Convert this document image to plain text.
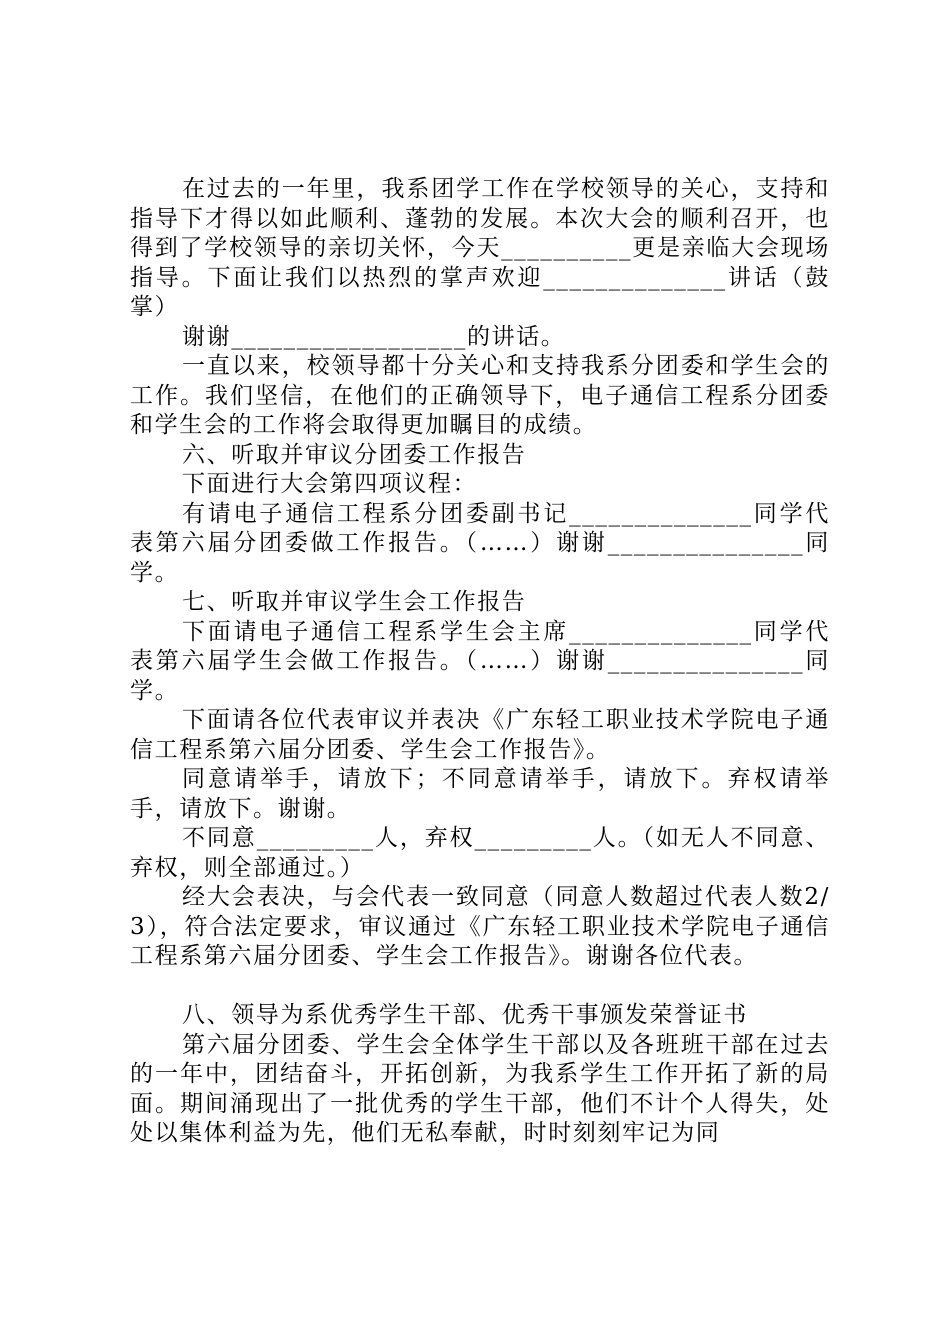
在过去的一年里，我系团学工作在学校领导的关心，支持和指导下才得以如此顺利、蓬勃的发展。本次大会的顺利召开，也得到了学校领导的亲切关怀，今天__________更是亲临大会现场指导。下面让我们以热烈的掌声欢迎______________讲话（鼓掌）

谢谢__________________的讲话。

一直以来，校领导都十分关心和支持我系分团委和学生会的工作。我们坚信，在他们的正确领导下，电子通信工程系分团委和学生会的工作将会取得更加瞩目的成绩。

六、听取并审议分团委工作报告

下面进行大会第四项议程：

有请电子通信工程系分团委副书记______________同学代表第六届分团委做工作报告。（……）谢谢_______________同学。

七、听取并审议学生会工作报告

下面请电子通信工程系学生会主席______________同学代表第六届学生会做工作报告。（……）谢谢_______________同学。

下面请各位代表审议并表决《广东轻工职业技术学院电子通信工程系第六届分团委、学生会工作报告》。

同意请举手，请放下；不同意请举手，请放下。弃权请举手，请放下。谢谢。

不同意_________人，弃权_________人。（如无人不同意、弃权，则全部通过。）

经大会表决，与会代表一致同意（同意人数超过代表人数2/3），符合法定要求，审议通过《广东轻工职业技术学院电子通信工程系第六届分团委、学生会工作报告》。谢谢各位代表。

八、领导为系优秀学生干部、优秀干事颁发荣誉证书

第六届分团委、学生会全体学生干部以及各班班干部在过去的一年中，团结奋斗，开拓创新，为我系学生工作开拓了新的局面。期间涌现出了一批优秀的学生干部，他们不计个人得失，处处以集体利益为先，他们无私奉献，时时刻刻牢记为同
